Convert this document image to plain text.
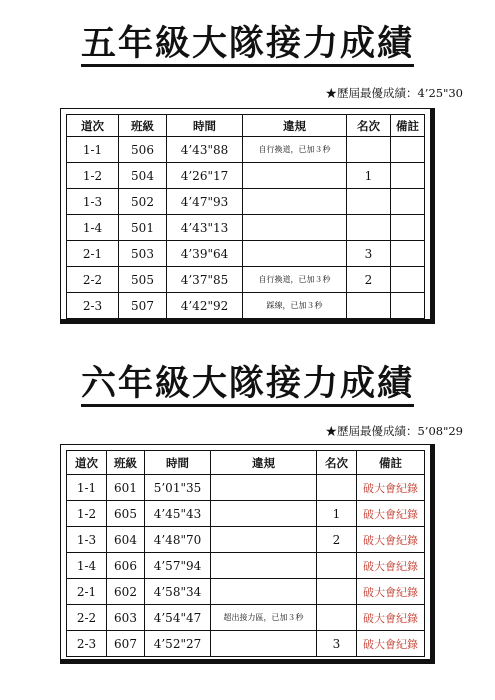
五年級大隊接力成績
★歷屆最優成績：4’25"30
道次	班級	時間	違規	名次	備註
1-1	506	4’43"88	自行換道，已加３秒		
1-2	504	4’26"17		1	
1-3	502	4’47"93			
1-4	501	4’43"13			
2-1	503	4’39"64		3	
2-2	505	4’37"85	自行換道，已加３秒	2	
2-3	507	4’42"92	踩線，已加３秒		
六年級大隊接力成績
★歷屆最優成績：5’08"29
道次	班級	時間	違規	名次	備註
1-1	601	5’01"35			破大會紀錄
1-2	605	4’45"43		1	破大會紀錄
1-3	604	4’48"70		2	破大會紀錄
1-4	606	4’57"94			破大會紀錄
2-1	602	4’58"34			破大會紀錄
2-2	603	4’54"47	超出接力區，已加３秒		破大會紀錄
2-3	607	4’52"27		3	破大會紀錄
